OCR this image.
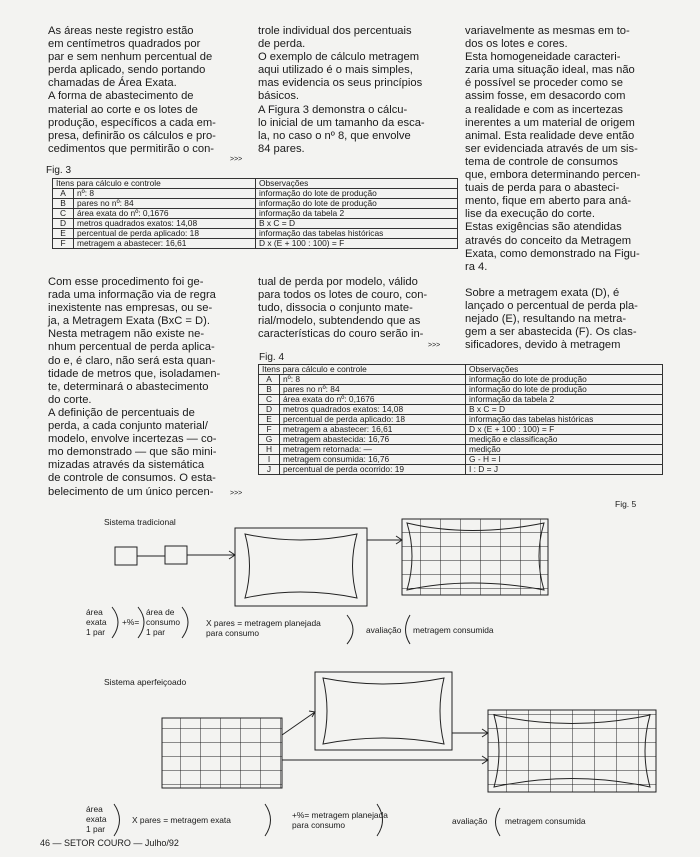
As áreas neste registro estão
em centímetros quadrados por
par e sem nenhum percentual de
perda aplicado, sendo portando
chamadas de Área Exata.
A forma de abastecimento de
material ao corte e os lotes de
produção, específicos a cada em-
presa, definirão os cálculos e pro-
cedimentos que permitirão o con-

>>>

trole individual dos percentuais
de perda.
O exemplo de cálculo metragem
aqui utilizado é o mais simples,
mas evidencia os seus princípios
básicos.
A Figura 3 demonstra o cálcu-
lo inicial de um tamanho da esca-
la, no caso o nº 8, que envolve
84 pares.

variavelmente as mesmas em to-
dos os lotes e cores.
Esta homogeneidade caracteri-
zaria uma situação ideal, mas não
é possível se proceder como se
assim fosse, em desacordo com
a realidade e com as incertezas
inerentes a um material de origem
animal. Esta realidade deve então
ser evidenciada através de um sis-
tema de controle de consumos
que, embora determinando percen-
tuais de perda para o abasteci-
mento, fique em aberto para aná-
lise da execução do corte.
Estas exigências são atendidas
através do conceito da Metragem
Exata, como demonstrado na Figu-
ra 4.

Sobre a metragem exata (D), é
lançado o percentual de perda pla-
nejado (E), resultando na metra-
gem a ser abastecida (F). Os clas-
sificadores, devido à metragem

Fig. 3
Itens para cálculo e controle		Observações
A	nº: 8	informação do lote de produção
B	pares no nº: 84	informação do lote de produção
C	área exata do nº: 0,1676	informação da tabela 2
D	metros quadrados exatos: 14,08	B x C = D
E	percentual de perda aplicado: 18	informação das tabelas históricas
F	metragem a abastecer: 16,61	D x (E + 100 : 100) = F

Com esse procedimento foi ge-
rada uma informação via de regra
inexistente nas empresas, ou se-
ja, a Metragem Exata (BxC = D).
Nesta metragem não existe ne-
nhum percentual de perda aplica-
do e, é claro, não será esta quan-
tidade de metros que, isoladamen-
te, determinará o abastecimento
do corte.
A definição de percentuais de
perda, a cada conjunto material/
modelo, envolve incertezas — co-
mo demonstrado — que são mini-
mizadas através da sistemática
de controle de consumos. O esta-
belecimento de um único percen-	>>>

tual de perda por modelo, válido
para todos os lotes de couro, con-
tudo, dissocia o conjunto mate-
rial/modelo, subtendendo que as
características do couro serão in-

>>>
Fig. 4
Itens para cálculo e controle		Observações
A	nº: 8	informação do lote de produção
B	pares no nº: 84	informação do lote de produção
C	área exata do nº: 0,1676	informação da tabela 2
D	metros quadrados exatos: 14,08	B x C = D
E	percentual de perda aplicado: 18	informação das tabelas históricas
F	metragem a abastecer: 16,61	D x (E + 100 : 100) = F
G	metragem abastecida: 16,76	medição e classificação
H	metragem retornada: —	medição
I	metragem consumida: 16,76	G - H = I
J	percentual de perda ocorrido: 19	I : D = J
Fig. 5
Sistema tradicional
Sistema aperfeiçoado
área
exata
1 par
+%=
área de
consumo
1 par
X pares = metragem planejada
para consumo	avaliação metragem consumida
área
exata
1 par
X pares = metragem exata	+%= metragem planejada
para consumo	avaliação metragem consumida
46 — SETOR COURO — Julho/92
